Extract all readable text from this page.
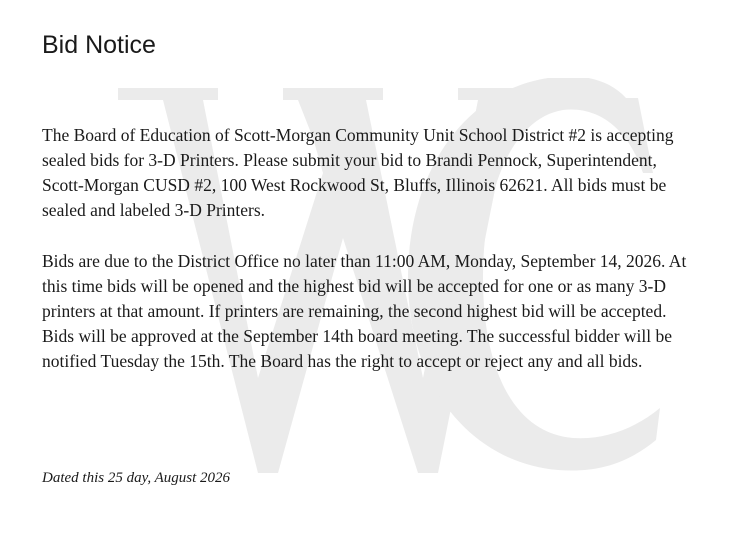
Bid Notice

The Board of Education of Scott-Morgan Community Unit School District #2 is accepting sealed bids for 3-D Printers. Please submit your bid to Brandi Pennock, Superintendent, Scott-Morgan CUSD #2, 100 West Rockwood St, Bluffs, Illinois 62621. All bids must be sealed and labeled 3-D Printers.

Bids are due to the District Office no later than 11:00 AM, Monday, September 14, 2026. At this time bids will be opened and the highest bid will be accepted for one or as many 3-D printers at that amount. If printers are remaining, the second highest bid will be accepted. Bids will be approved at the September 14th board meeting. The successful bidder will be notified Tuesday the 15th. The Board has the right to accept or reject any and all bids.

Dated this 25 day, August 2026
